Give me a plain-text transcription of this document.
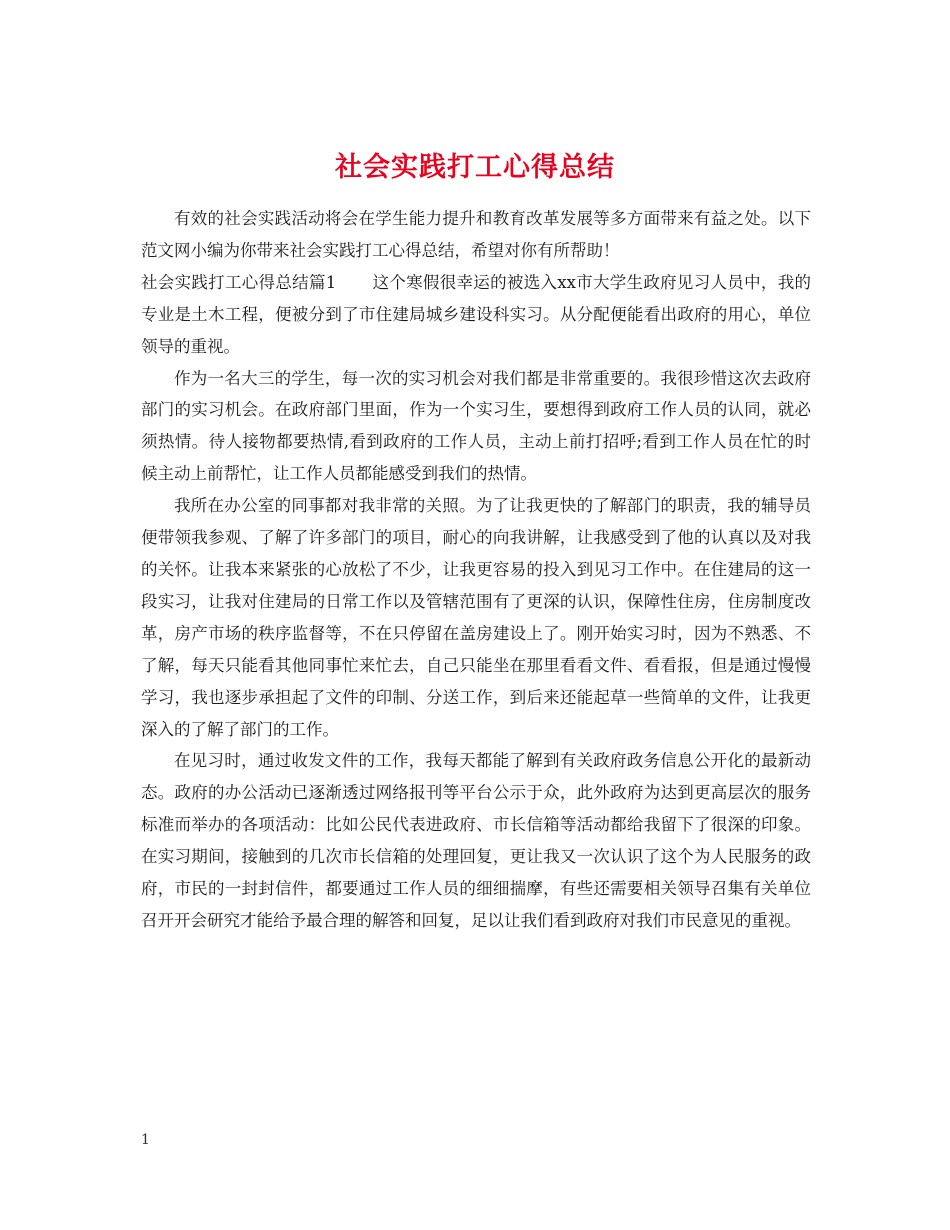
社会实践打工心得总结

有效的社会实践活动将会在学生能力提升和教育改革发展等多方面带来有益之处。以下范文网小编为你带来社会实践打工心得总结，希望对你有所帮助！

社会实践打工心得总结篇1 这个寒假很幸运的被选入xx市大学生政府见习人员中，我的专业是土木工程，便被分到了市住建局城乡建设科实习。从分配便能看出政府的用心，单位领导的重视。

作为一名大三的学生，每一次的实习机会对我们都是非常重要的。我很珍惜这次去政府部门的实习机会。在政府部门里面，作为一个实习生，要想得到政府工作人员的认同，就必须热情。待人接物都要热情,看到政府的工作人员，主动上前打招呼;看到工作人员在忙的时候主动上前帮忙，让工作人员都能感受到我们的热情。

我所在办公室的同事都对我非常的关照。为了让我更快的了解部门的职责，我的辅导员便带领我参观、了解了许多部门的项目，耐心的向我讲解，让我感受到了他的认真以及对我的关怀。让我本来紧张的心放松了不少，让我更容易的投入到见习工作中。在住建局的这一段实习，让我对住建局的日常工作以及管辖范围有了更深的认识，保障性住房，住房制度改革，房产市场的秩序监督等，不在只停留在盖房建设上了。刚开始实习时，因为不熟悉、不了解，每天只能看其他同事忙来忙去，自己只能坐在那里看看文件、看看报，但是通过慢慢学习，我也逐步承担起了文件的印制、分送工作，到后来还能起草一些简单的文件，让我更深入的了解了部门的工作。

在见习时，通过收发文件的工作，我每天都能了解到有关政府政务信息公开化的最新动态。政府的办公活动已逐渐透过网络报刊等平台公示于众，此外政府为达到更高层次的服务标准而举办的各项活动：比如公民代表进政府、市长信箱等活动都给我留下了很深的印象。在实习期间，接触到的几次市长信箱的处理回复，更让我又一次认识了这个为人民服务的政府，市民的一封封信件，都要通过工作人员的细细揣摩，有些还需要相关领导召集有关单位召开开会研究才能给予最合理的解答和回复，足以让我们看到政府对我们市民意见的重视。

1
